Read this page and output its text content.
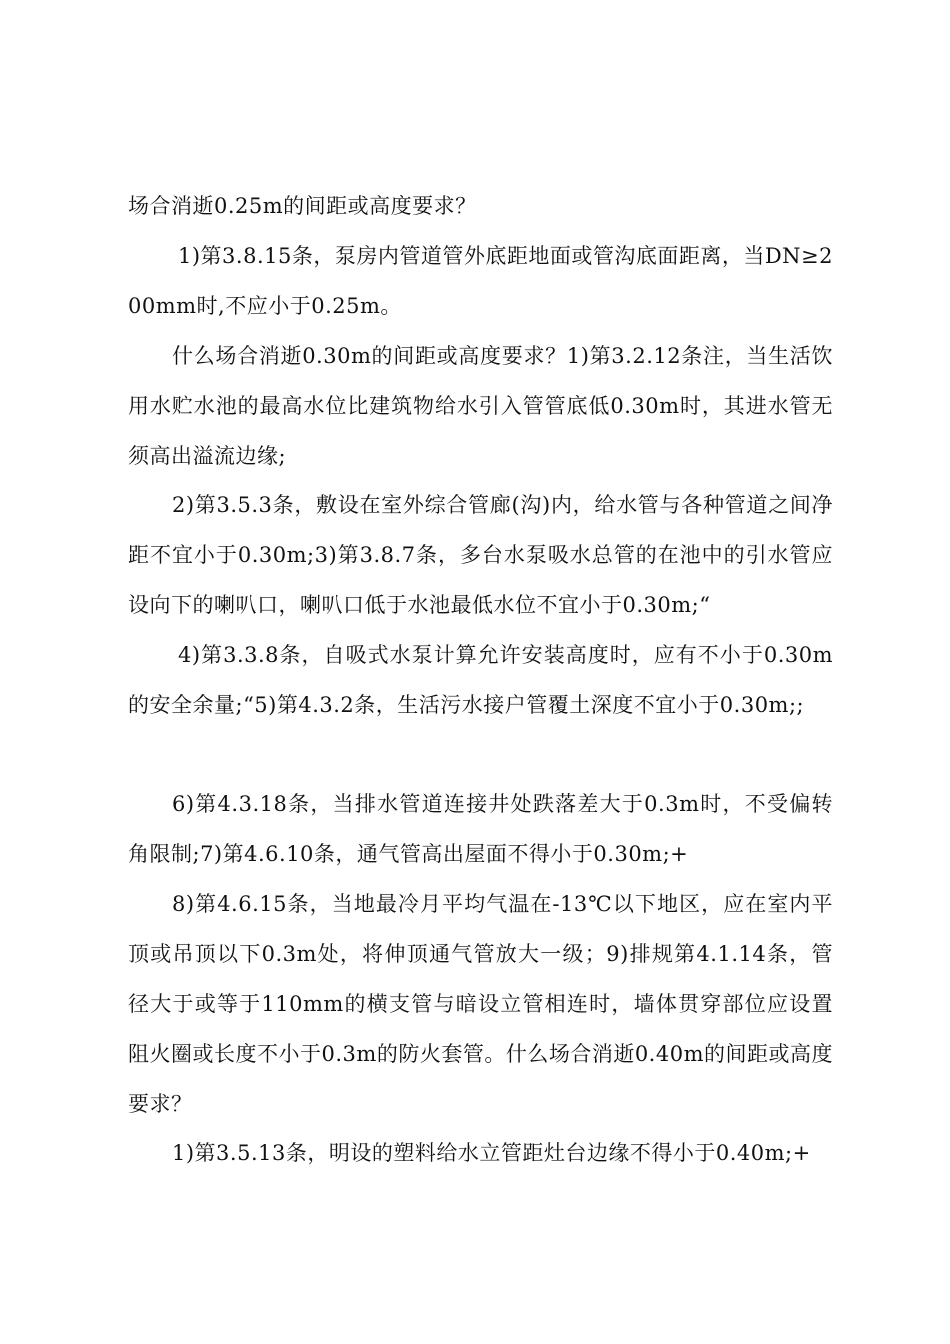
场合消逝0.25m的间距或高度要求？

1)第3.8.15条，泵房内管道管外底距地面或管沟底面距离，当DN≥200mm时,不应小于0.25m。

什么场合消逝0.30m的间距或高度要求？1)第3.2.12条注，当生活饮用水贮水池的最高水位比建筑物给水引入管管底低0.30m时，其进水管无须高出溢流边缘;

2)第3.5.3条，敷设在室外综合管廊(沟)内，给水管与各种管道之间净距不宜小于0.30m;3)第3.8.7条，多台水泵吸水总管的在池中的引水管应设向下的喇叭口，喇叭口低于水池最低水位不宜小于0.30m;“

4)第3.3.8条，自吸式水泵计算允许安装高度时，应有不小于0.30m的安全余量;“5)第4.3.2条，生活污水接户管覆土深度不宜小于0.30m;;

6)第4.3.18条，当排水管道连接井处跌落差大于0.3m时，不受偏转角限制;7)第4.6.10条，通气管高出屋面不得小于0.30m;+

8)第4.6.15条，当地最冷月平均气温在-13℃以下地区，应在室内平顶或吊顶以下0.3m处，将伸顶通气管放大一级；9)排规第4.1.14条，管径大于或等于110mm的横支管与暗设立管相连时，墙体贯穿部位应设置阻火圈或长度不小于0.3m的防火套管。什么场合消逝0.40m的间距或高度要求？

1)第3.5.13条，明设的塑料给水立管距灶台边缘不得小于0.40m;+
